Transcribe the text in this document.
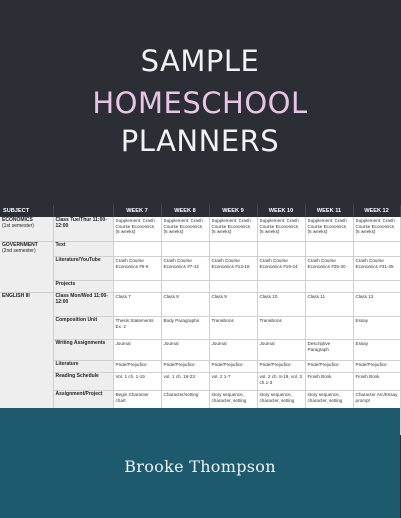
SAMPLE
HOMESCHOOL
PLANNERS
SUBJECT		WEEK 7	WEEK 8	WEEK 9	WEEK 10	WEEK 11	WEEK 12
ECONOMICS
(1st semester)	Class Tue/Thur 11:00-12:00	Supplement: Crash Course Economics (6 weeks)	Supplement: Crash Course Economics (6 weeks)	Supplement: Crash Course Economics (6 weeks)	Supplement: Crash Course Economics (6 weeks)	Supplement: Crash Course Economics (6 weeks)	Supplement: Crash Course Economics (6 weeks)
GOVERNMENT
(2nd semester)	Text						
	Literature/YouTube	Crash Course Economics #5-6	Crash Course Economics #7-12	Crash Course Economics #13-18	Crash Course Economics #19-24	Crash Course Economics #25-30	Crash Course Economics #31-35
	Projects						
ENGLISH III	Class Mon/Wed 11:00-12:00	Class 7	Class 8	Class 9	Class 10	Class 11	Class 12
	Composition Unit	Thesis Statements Ex. 2	Body Paragraphs	Transitions	Transitions		Essay
	Writing Assignments	Journal	Journal	Journal	Journal	Descriptive Paragraph	Essay
	Literature	Pride/Prejudice	Pride/Prejudice	Pride/Prejudice	Pride/Prejudice	Pride/Prejudice	Pride/Prejudice
	Reading Schedule	Vol. 1 ch. 1-15	vol. 1 ch. 16-23	vol. 2 1-7	vol. 2 ch. 8-19, vol. 3 ch.1-3	Finish Book	Finish Book
	Assignment/Project	Begin Character chart	Character/setting	story sequence, character, setting	story sequence, character, setting	story sequence, character, setting	Character Arc/Essay prompt

Brooke Thompson
